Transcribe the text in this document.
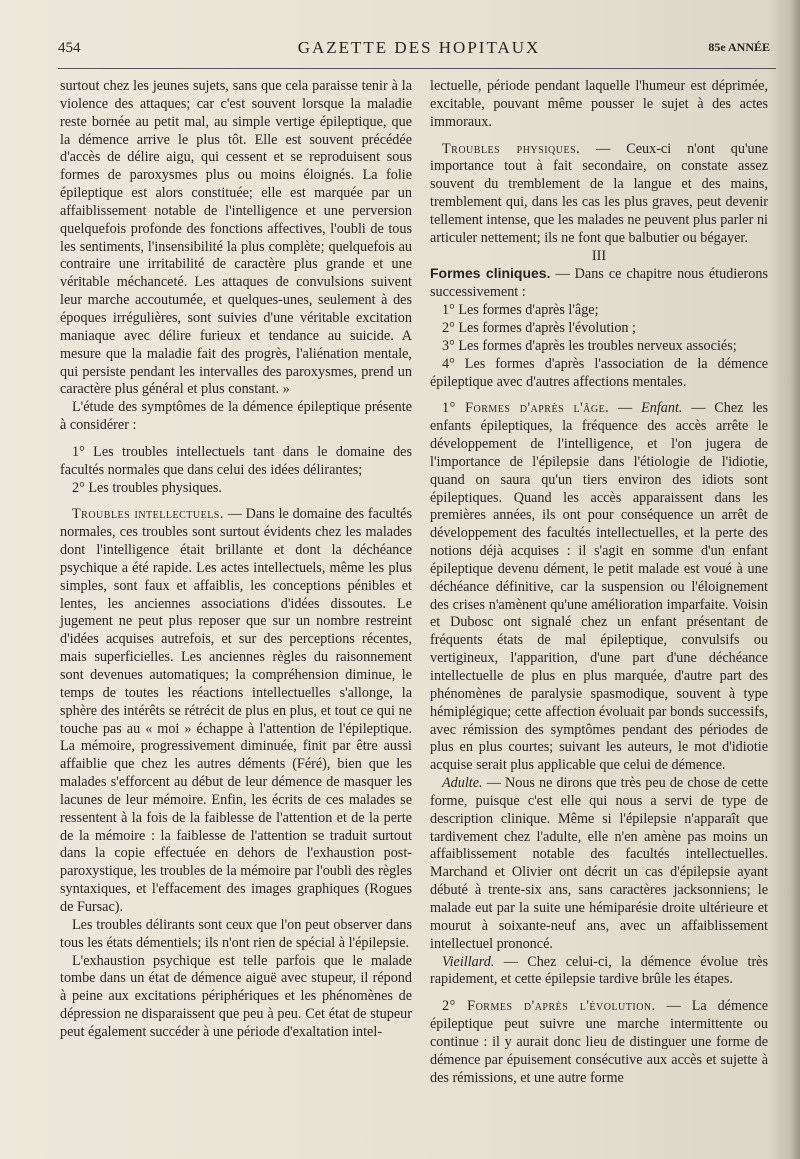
454	GAZETTE DES HOPITAUX	85e ANNÉE

surtout chez les jeunes sujets, sans que cela paraisse tenir à la violence des attaques; car c'est souvent lorsque la maladie reste bornée au petit mal, au simple vertige épileptique, que la démence arrive le plus tôt. Elle est souvent précédée d'accès de délire aigu, qui cessent et se reproduisent sous formes de paroxysmes plus ou moins éloignés. La folie épileptique est alors constituée; elle est marquée par un affaiblissement notable de l'intelligence et une perversion quelquefois profonde des fonctions affectives, l'oubli de tous les sentiments, l'insensibilité la plus complète; quelquefois au contraire une irritabilité de caractère plus grande et une véritable méchanceté. Les attaques de convulsions suivent leur marche accoutumée, et quelques-unes, seulement à des époques irrégulières, sont suivies d'une véritable excitation maniaque avec délire furieux et tendance au suicide. A mesure que la maladie fait des progrès, l'aliénation mentale, qui persiste pendant les intervalles des paroxysmes, prend un caractère plus général et plus constant. »

L'étude des symptômes de la démence épileptique présente à considérer :

1° Les troubles intellectuels tant dans le domaine des facultés normales que dans celui des idées délirantes;

2° Les troubles physiques.

Troubles intellectuels. — Dans le domaine des facultés normales, ces troubles sont surtout évidents chez les malades dont l'intelligence était brillante et dont la déchéance psychique a été rapide. Les actes intellectuels, même les plus simples, sont faux et affaiblis, les conceptions pénibles et lentes, les anciennes associations d'idées dissoutes. Le jugement ne peut plus reposer que sur un nombre restreint d'idées acquises autrefois, et sur des perceptions récentes, mais superficielles. Les anciennes règles du raisonnement sont devenues automatiques; la compréhension diminue, le temps de toutes les réactions intellectuelles s'allonge, la sphère des intérêts se rétrécit de plus en plus, et tout ce qui ne touche pas au « moi » échappe à l'attention de l'épileptique. La mémoire, progressivement diminuée, finit par être aussi affaiblie que chez les autres déments (Féré), bien que les malades s'efforcent au début de leur démence de masquer les lacunes de leur mémoire. Enfin, les écrits de ces malades se ressentent à la fois de la faiblesse de l'attention et de la perte de la mémoire : la faiblesse de l'attention se traduit surtout dans la copie effectuée en dehors de l'exhaustion post-paroxystique, les troubles de la mémoire par l'oubli des règles syntaxiques, et l'effacement des images graphiques (Rogues de Fursac).

Les troubles délirants sont ceux que l'on peut observer dans tous les états démentiels; ils n'ont rien de spécial à l'épilepsie.

L'exhaustion psychique est telle parfois que le malade tombe dans un état de démence aiguë avec stupeur, il répond à peine aux excitations périphériques et les phénomènes de dépression ne disparaissent que peu à peu. Cet état de stupeur peut également succéder à une période d'exaltation intel-

lectuelle, période pendant laquelle l'humeur est déprimée, excitable, pouvant même pousser le sujet à des actes immoraux.

Troubles physiques. — Ceux-ci n'ont qu'une importance tout à fait secondaire, on constate assez souvent du tremblement de la langue et des mains, tremblement qui, dans les cas les plus graves, peut devenir tellement intense, que les malades ne peuvent plus parler ni articuler nettement; ils ne font que balbutier ou bégayer.

III

Formes cliniques. — Dans ce chapitre nous étudierons successivement :

1° Les formes d'après l'âge;

2° Les formes d'après l'évolution ;

3° Les formes d'après les troubles nerveux associés;

4° Les formes d'après l'association de la démence épileptique avec d'autres affections mentales.

1° Formes d'après l'âge. — Enfant. — Chez les enfants épileptiques, la fréquence des accès arrête le développement de l'intelligence, et l'on jugera de l'importance de l'épilepsie dans l'étiologie de l'idiotie, quand on saura qu'un tiers environ des idiots sont épileptiques. Quand les accès apparaissent dans les premières années, ils ont pour conséquence un arrêt de développement des facultés intellectuelles, et la perte des notions déjà acquises : il s'agit en somme d'un enfant épileptique devenu dément, le petit malade est voué à une déchéance définitive, car la suspension ou l'éloignement des crises n'amènent qu'une amélioration imparfaite. Voisin et Dubosc ont signalé chez un enfant présentant de fréquents états de mal épileptique, convulsifs ou vertigineux, l'apparition, d'une part d'une déchéance intellectuelle de plus en plus marquée, d'autre part des phénomènes de paralysie spasmodique, souvent à type hémiplégique; cette affection évoluait par bonds successifs, avec rémission des symptômes pendant des périodes de plus en plus courtes; suivant les auteurs, le mot d'idiotie acquise serait plus applicable que celui de démence.

Adulte. — Nous ne dirons que très peu de chose de cette forme, puisque c'est elle qui nous a servi de type de description clinique. Même si l'épilepsie n'apparaît que tardivement chez l'adulte, elle n'en amène pas moins un affaiblissement notable des facultés intellectuelles. Marchand et Olivier ont décrit un cas d'épilepsie ayant débuté à trente-six ans, sans caractères jacksonniens; le malade eut par la suite une hémiparésie droite ultérieure et mourut à soixante-neuf ans, avec un affaiblissement intellectuel prononcé.

Vieillard. — Chez celui-ci, la démence évolue très rapidement, et cette épilepsie tardive brûle les étapes.

2° Formes d'après l'évolution. — La démence épileptique peut suivre une marche intermittente ou continue : il y aurait donc lieu de distinguer une forme de démence par épuisement consécutive aux accès et sujette à des rémissions, et une autre forme
